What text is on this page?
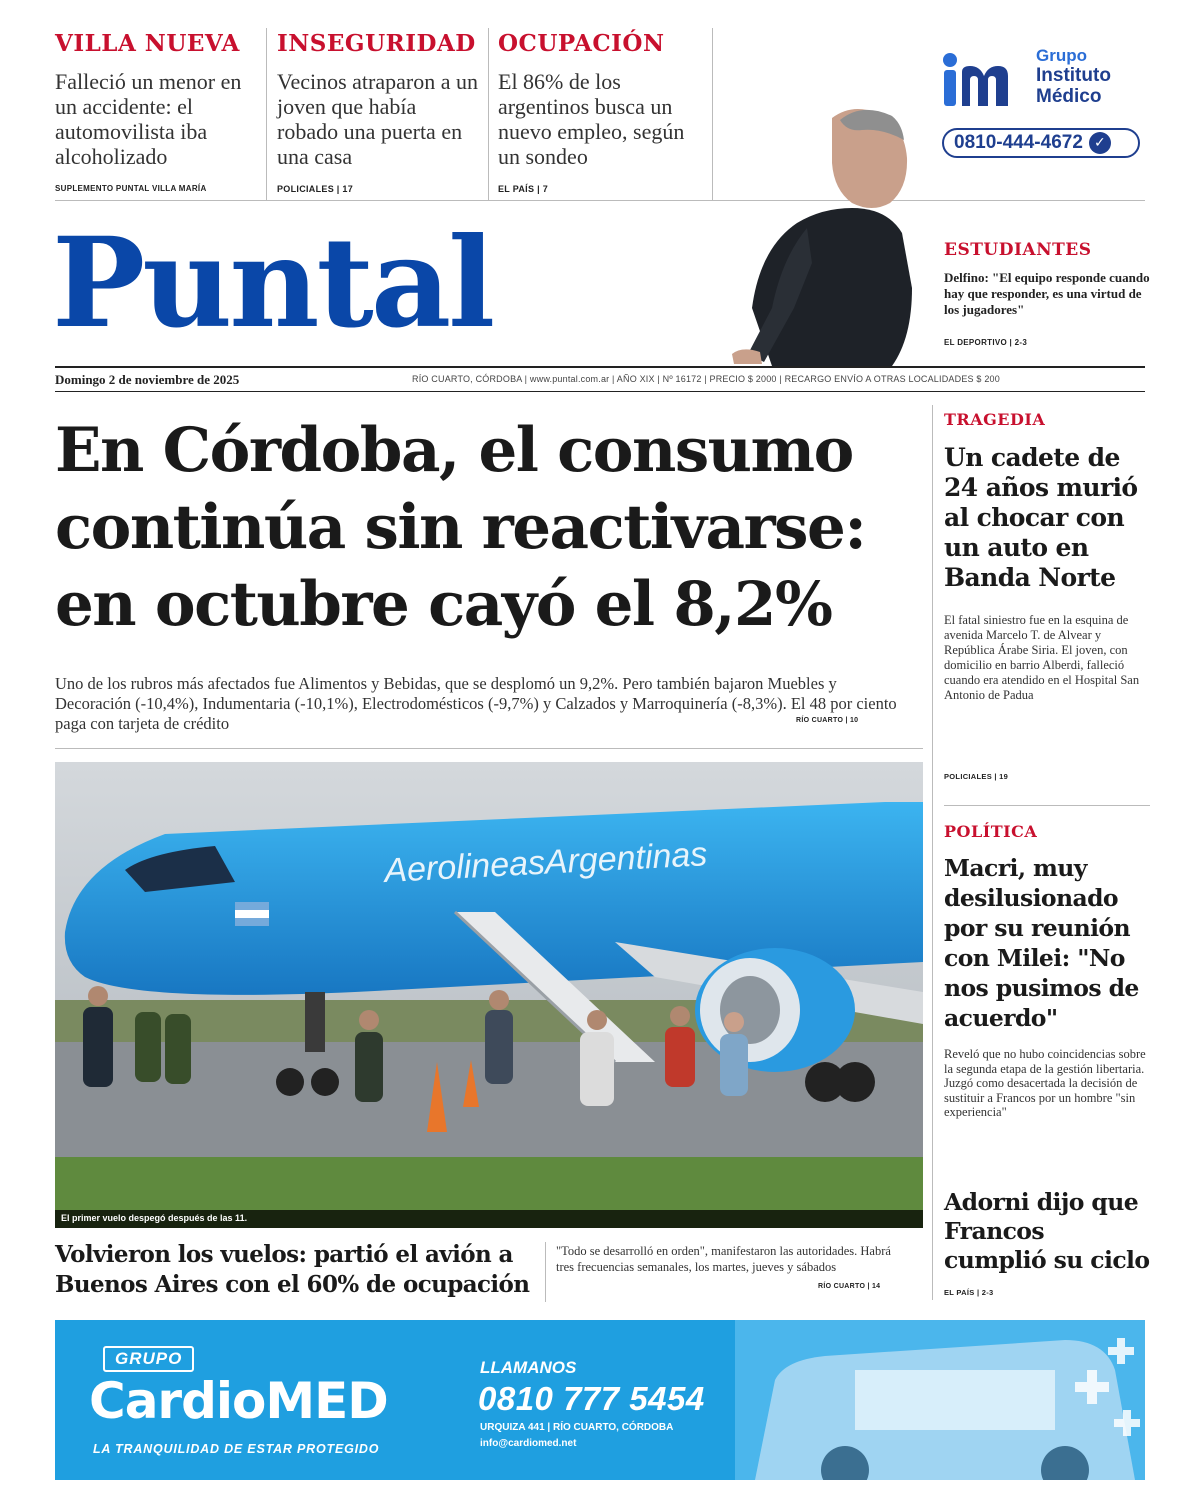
VILLA NUEVA
Falleció un menor en un accidente: el automovilista iba alcoholizado
SUPLEMENTO PUNTAL VILLA MARÍA
INSEGURIDAD
Vecinos atraparon a un joven que había robado una puerta en una casa
POLICIALES | 17
OCUPACIÓN
El 86% de los argentinos busca un nuevo empleo, según un sondeo
EL PAÍS | 7
Grupo
Instituto
Médico
0810-444-4672 ✓
Puntal	ESTUDIANTES
Delfino: "El equipo responde cuando hay que responder, es una virtud de los jugadores"
EL DEPORTIVO | 2-3
Domingo 2 de noviembre de 2025	RÍO CUARTO, CÓRDOBA | www.puntal.com.ar | AÑO XIX | Nº 16172 | PRECIO $ 2000 | RECARGO ENVÍO A OTRAS LOCALIDADES $ 200
En Córdoba, el consumo continúa sin reactivarse: en octubre cayó el 8,2%
Uno de los rubros más afectados fue Alimentos y Bebidas, que se desplomó un 9,2%. Pero también bajaron Muebles y Decoración (-10,4%), Indumentaria (-10,1%), Electrodomésticos (-9,7%) y Calzados y Marroquinería (-8,3%). El 48 por ciento paga con tarjeta de crédito	RÍO CUARTO | 10
AerolineasArgentinas
El primer vuelo despegó después de las 11.
Volvieron los vuelos: partió el avión a Buenos Aires con el 60% de ocupación
"Todo se desarrolló en orden", manifestaron las autoridades. Habrá tres frecuencias semanales, los martes, jueves y sábados
RÍO CUARTO | 14
TRAGEDIA
Un cadete de 24 años murió al chocar con un auto en Banda Norte
El fatal siniestro fue en la esquina de avenida Marcelo T. de Alvear y República Árabe Siria. El joven, con domicilio en barrio Alberdi, falleció cuando era atendido en el Hospital San Antonio de Padua
POLICIALES | 19
POLÍTICA
Macri, muy desilusionado por su reunión con Milei: "No nos pusimos de acuerdo"
Reveló que no hubo coincidencias sobre la segunda etapa de la gestión libertaria. Juzgó como desacertada la decisión de sustituir a Francos por un hombre "sin experiencia"
Adorni dijo que Francos cumplió su ciclo
EL PAÍS | 2-3
GRUPO
CardioMED
LA TRANQUILIDAD DE ESTAR PROTEGIDO
LLAMANOS
0810 777 5454
URQUIZA 441 | RÍO CUARTO, CÓRDOBA
info@cardiomed.net
